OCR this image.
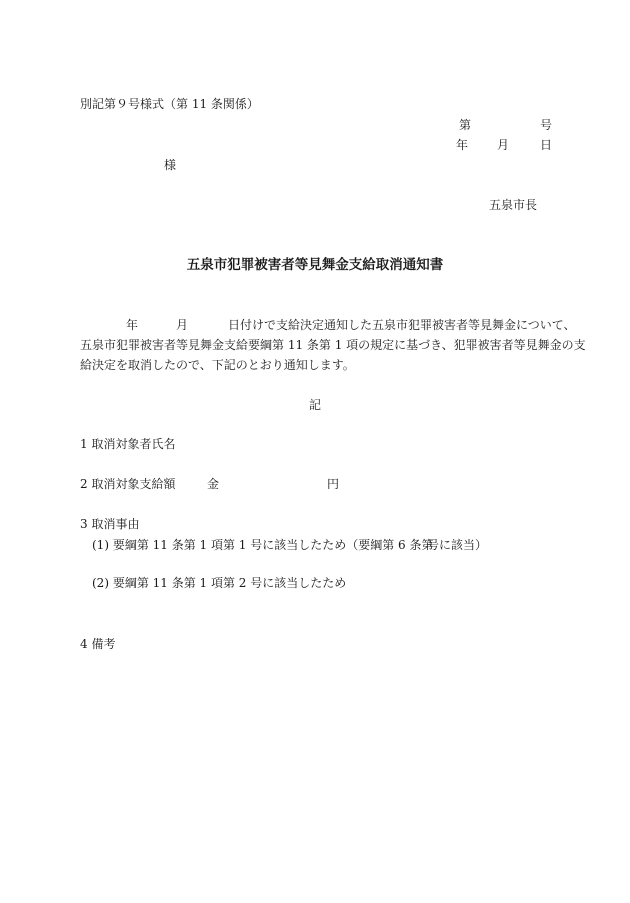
別記第９号様式（第 11 条関係）
第	号
年 月	日
様
五泉市長
五泉市犯罪被害者等見舞金支給取消通知書
年	月	日付けで支給決定通知した五泉市犯罪被害者等見舞金について、
五泉市犯罪被害者等見舞金支給要綱第 11 条第 1 項の規定に基づき、犯罪被害者等見舞金の支
給決定を取消したので、下記のとおり通知します。
記
1 取消対象者氏名
2 取消対象支給額	金	円
3 取消事由
(1) 要綱第 11 条第 1 項第 1 号に該当したため（要綱第 6 条第
号に該当）
(2) 要綱第 11 条第 1 項第 2 号に該当したため
4 備考
